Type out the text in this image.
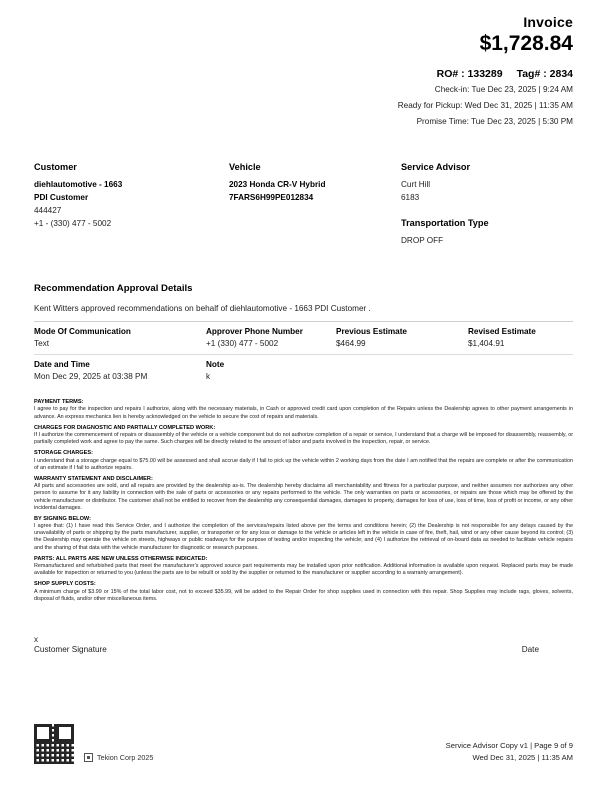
Invoice
$1,728.84
RO# : 133289 Tag# : 2834
Check-in: Tue Dec 23, 2025 | 9:24 AM
Ready for Pickup: Wed Dec 31, 2025 | 11:35 AM
Promise Time: Tue Dec 23, 2025 | 5:30 PM
Customer
diehlautomotive - 1663
PDI Customer
444427
+1 - (330) 477 - 5002
Vehicle
2023 Honda CR-V Hybrid
7FARS6H99PE012834
Service Advisor
Curt Hill
6183
Transportation Type
DROP OFF
Recommendation Approval Details
Kent Witters approved recommendations on behalf of diehlautomotive - 1663 PDI Customer .
Mode Of Communication	Approver Phone Number	Previous Estimate	Revised Estimate
Text	+1 (330) 477 - 5002	$464.99	$1,404.91

Date and Time	Note		
Mon Dec 29, 2025 at 03:38 PM	k		
PAYMENT TERMS:

I agree to pay for the inspection and repairs I authorize, along with the necessary materials, in Cash or approved credit card upon completion of the Repairs unless the Dealership agrees to other payment arrangements in advance. An express mechanics lien is hereby acknowledged on the vehicle to secure the cost of repairs and materials.

CHARGES FOR DIAGNOSTIC AND PARTIALLY COMPLETED WORK:

If I authorize the commencement of repairs or disassembly of the vehicle or a vehicle component but do not authorize completion of a repair or service, I understand that a charge will be imposed for disassembly, reassembly, or partially completed work and agree to pay the same. Such charges will be directly related to the amount of labor and parts involved in the inspection, repair, or service.

STORAGE CHARGES:

I understand that a storage charge equal to $75.00 will be assessed and shall accrue daily if I fail to pick up the vehicle within 2 working days from the date I am notified that the repairs are complete or after the communication of an estimate if I fail to authorize repairs.

WARRANTY STATEMENT AND DISCLAIMER:

All parts and accessories are sold, and all repairs are provided by the dealership as-is. The dealership hereby disclaims all merchantability and fitness for a particular purpose, and neither assumes nor authorizes any other person to assume for it any liability in connection with the sale of parts or accessories or any repairs performed to the vehicle. The only warranties on parts or accessories, or repairs are those which may be offered by the vehicle manufacturer or distributor. The customer shall not be entitled to recover from the dealership any consequential damages, damages to property, damages for loss of use, loss of time, loss of profit or income, or any other incidental damages.

BY SIGNING BELOW:

I agree that: (1) I have read this Service Order, and I authorize the completion of the services/repairs listed above per the terms and conditions herein; (2) the Dealership is not responsible for any delays caused by the unavailability of parts or shipping by the parts manufacturer, supplier, or transporter or for any loss or damage to the vehicle or articles left in the vehicle in case of fire, theft, hail, wind or any other cause beyond its control; (3) the Dealership may operate the vehicle on streets, highways or public roadways for the purpose of testing and/or inspecting the vehicle; and (4) I authorize the retrieval of on-board data as needed to facilitate vehicle repairs and the sharing of that data with the vehicle manufacturer for diagnostic or research purposes.

PARTS: ALL PARTS ARE NEW UNLESS OTHERWISE INDICATED:

Remanufactured and refurbished parts that meet the manufacturer's approved source part requirements may be installed upon prior notification. Additional information is available upon request. Replaced parts may be made available for inspection or returned to you (unless the parts are to be rebuilt or sold by the supplier or returned to the manufacturer or supplier according to a warranty arrangement).

SHOP SUPPLY COSTS:

A minimum charge of $3.99 or 15% of the total labor cost, not to exceed $35.99, will be added to the Repair Order for shop supplies used in connection with this repair. Shop Supplies may include rags, gloves, solvents, disposal of fluids, and/or other miscellaneous items.

x
Customer Signature	Date
Tekion Corp 2025
Service Advisor Copy v1 | Page 9 of 9
Wed Dec 31, 2025 | 11:35 AM
